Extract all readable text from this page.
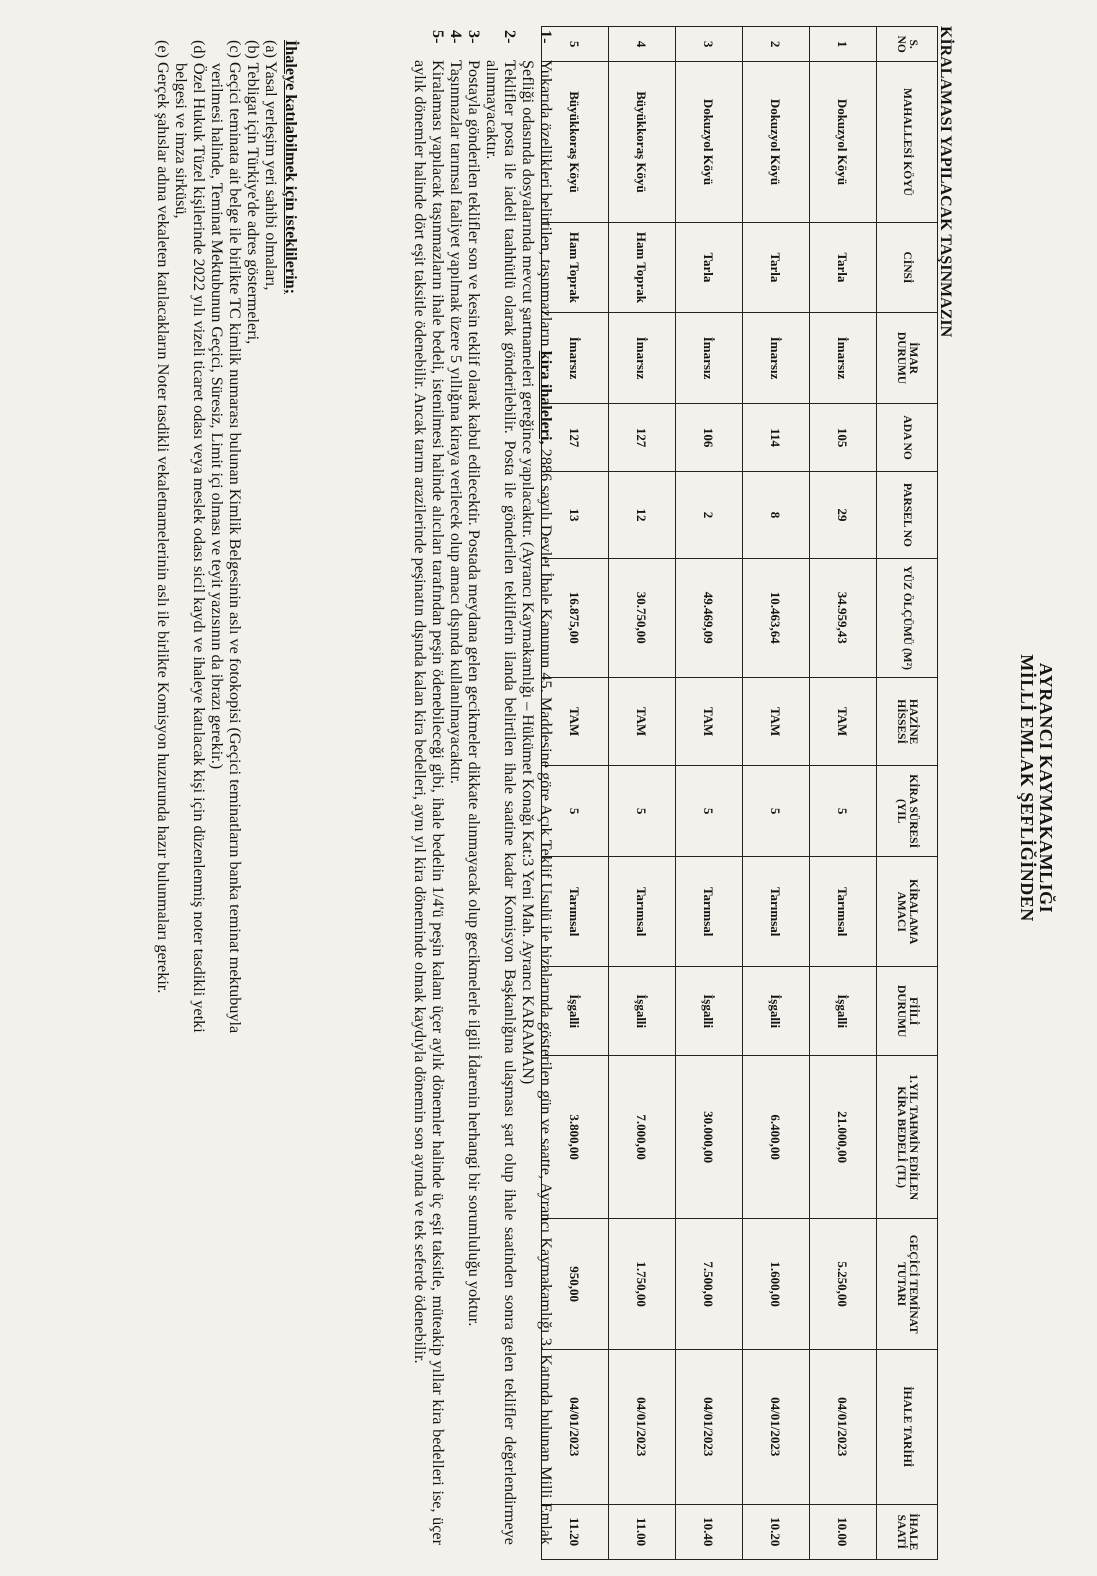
AYRANCI KAYMAKAMLIĞI
MİLLİ EMLAK ŞEFLİĞİNDEN
KİRALAMASI YAPILACAK TAŞINMAZIN
S. NO	MAHALLESİ KÖYÜ	CİNSİ	İMAR DURUMU	ADA NO	PARSEL NO	YÜZ ÖLÇÜMÜ (M²)	HAZİNE HİSSESİ	KİRA SÜRESİ (YIL	KİRALAMA AMACI	FİİLİ DURUMU	1.YIL TAHMİN EDİLEN KİRA BEDELİ (TL)	GEÇİCİ TEMİNAT TUTARI	İHALE TARİHİ	İHALE SAATİ
1	Dokuzyol Köyü	Tarla	İmarsız	105	29	34.959,43	TAM	5	Tarımsal	İşgalli	21.000,00	5.250,00	04/01/2023	10.00
2	Dokuzyol Köyü	Tarla	İmarsız	114	8	10.463,64	TAM	5	Tarımsal	İşgalli	6.400,00	1.600,00	04/01/2023	10.20
3	Dokuzyol Köyü	Tarla	İmarsız	106	2	49.469,09	TAM	5	Tarımsal	İşgalli	30.000,00	7.500,00	04/01/2023	10.40
4	Büyükkoraş Köyü	Ham Toprak	İmarsız	127	12	30.750,00	TAM	5	Tarımsal	İşgalli	7.000,00	1.750,00	04/01/2023	11.00
5	Büyükkoraş Köyü	Ham Toprak	İmarsız	127	13	16.875,00	TAM	5	Tarımsal	İşgalli	3.800,00	950,00	04/01/2023	11.20
1-
Yukarıda özellikleri belirtilen, taşınmazların kira ihaleleri, 2886 sayılı Devlet İhale Kanunun 45. Maddesine göre Açık Teklif Usulü ile hizalarında gösterilen gün ve saatte, Ayrancı Kaymakamlığı 3. Katında bulunan Milli Emlak Şefliği odasında dosyalarında mevcut şartnameleri gereğince yapılacaktır. (Ayrancı Kaymakamlığı – Hükümet Konağı Kat:3 Yeni Mah. Ayrancı KARAMAN)
2-
Teklifler posta ile iadeli taahhütlü olarak gönderilebilir. Posta ile gönderilen tekliflerin ilanda belirtilen ihale saatine kadar Komisyon Başkanlığına ulaşması şart olup ihale saatinden sonra gelen teklifler değerlendirmeye alınmayacaktır.
3-
Postayla gönderilen teklifler son ve kesin teklif olarak kabul edilecektir. Postada meydana gelen gecikmeler dikkate alınmayacak olup gecikmelerle ilgili İdarenin herhangi bir sorumluluğu yoktur.
4-
Taşınmazlar tarımsal faaliyet yapılmak üzere 5 yıllığına kiraya verilecek olup amacı dışında kullanılmayacaktır.
5-
Kiralaması yapılacak taşınmazların ihale bedeli, istenilmesi halinde alıcıları tarafından peşin ödenebileceği gibi, ihale bedelin 1/4'ü peşin kalanı üçer aylık dönemler halinde üç eşit taksitle, müteakip yıllar kira bedelleri ise, üçer aylık dönemler halinde dört eşit taksitle ödenebilir. Ancak tarım arazilerinde peşinatın dışında kalan kira bedelleri, aynı yıl kira döneminde olmak kaydıyla dönemin son ayında ve tek seferde ödenebilir.
İhaleye katılabilmek için isteklilerin;
(a) Yasal yerleşim yeri sahibi olmaları,
(b) Tebligat için Türkiye'de adres göstermeleri,
(c) Geçici teminata ait belge ile birlikte TC kimlik numarası bulunan Kimlik Belgesinin aslı ve fotokopisi (Geçici teminatların banka teminat mektubuyla
verilmesi halinde, Teminat Mektubunun Geçici, Süresiz, Limit içi olması ve teyit yazısının da ibrazı gerekir.)
(d) Özel Hukuk Tüzel kişilerinde 2022 yılı vizeli ticaret odası veya meslek odası sicil kaydı ve ihaleye katılacak kişi için düzenlenmiş noter tasdikli yetki
belgesi ve imza sirküsü,
(e) Gerçek şahıslar adına vekaleten katılacakların Noter tasdikli vekaletnamelerinin aslı ile birlikte Komisyon huzurunda hazır bulunmaları gerekir.
